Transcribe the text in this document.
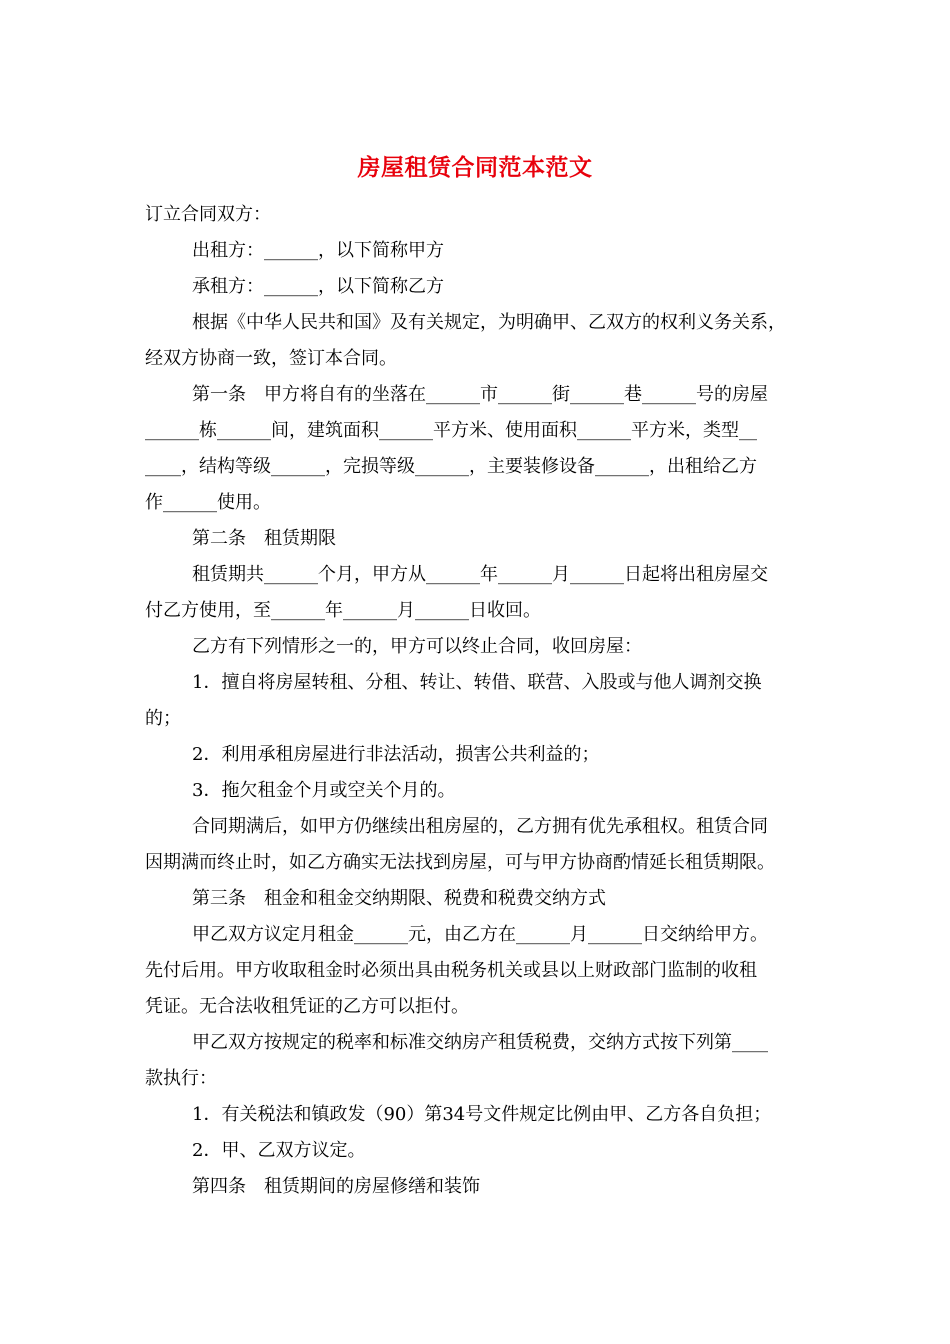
房屋租赁合同范本范文
订立合同双方：
出租方：______，以下简称甲方
承租方：______，以下简称乙方
根据《中华人民共和国》及有关规定，为明确甲、乙双方的权利义务关系，
经双方协商一致，签订本合同。
第一条　甲方将自有的坐落在______市______街______巷______号的房屋
______栋______间，建筑面积______平方米、使用面积______平方米，类型__
____，结构等级______，完损等级______，主要装修设备______，出租给乙方
作______使用。
第二条　租赁期限
租赁期共______个月，甲方从______年______月______日起将出租房屋交
付乙方使用，至______年______月______日收回。
乙方有下列情形之一的，甲方可以终止合同，收回房屋：
1．擅自将房屋转租、分租、转让、转借、联营、入股或与他人调剂交换
的；
2．利用承租房屋进行非法活动，损害公共利益的；
3．拖欠租金个月或空关个月的。
合同期满后，如甲方仍继续出租房屋的，乙方拥有优先承租权。租赁合同
因期满而终止时，如乙方确实无法找到房屋，可与甲方协商酌情延长租赁期限。
第三条　租金和租金交纳期限、税费和税费交纳方式
甲乙双方议定月租金______元，由乙方在______月______日交纳给甲方。
先付后用。甲方收取租金时必须出具由税务机关或县以上财政部门监制的收租
凭证。无合法收租凭证的乙方可以拒付。
甲乙双方按规定的税率和标准交纳房产租赁税费，交纳方式按下列第____
款执行：
1．有关税法和镇政发（90）第34号文件规定比例由甲、乙方各自负担；
2．甲、乙双方议定。
第四条　租赁期间的房屋修缮和装饰
